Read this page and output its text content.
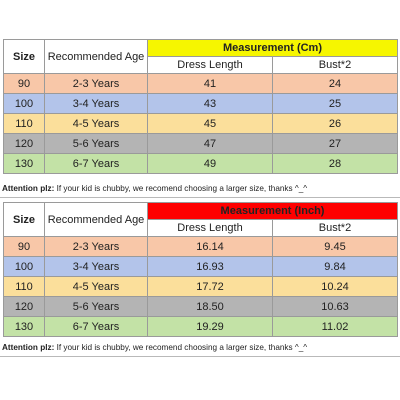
Size	Recommended Age	Measurement (Cm)	
		Dress Length	Bust*2
90	2-3 Years	41	24
100	3-4 Years	43	25
110	4-5 Years	45	26
120	5-6 Years	47	27
130	6-7 Years	49	28
Attention plz: If your kid is chubby, we recomend choosing a larger size, thanks ^_^
Size	Recommended Age	Measurement (Inch)	
		Dress Length	Bust*2
90	2-3 Years	16.14	9.45
100	3-4 Years	16.93	9.84
110	4-5 Years	17.72	10.24
120	5-6 Years	18.50	10.63
130	6-7 Years	19.29	11.02
Attention plz: If your kid is chubby, we recomend choosing a larger size, thanks ^_^
